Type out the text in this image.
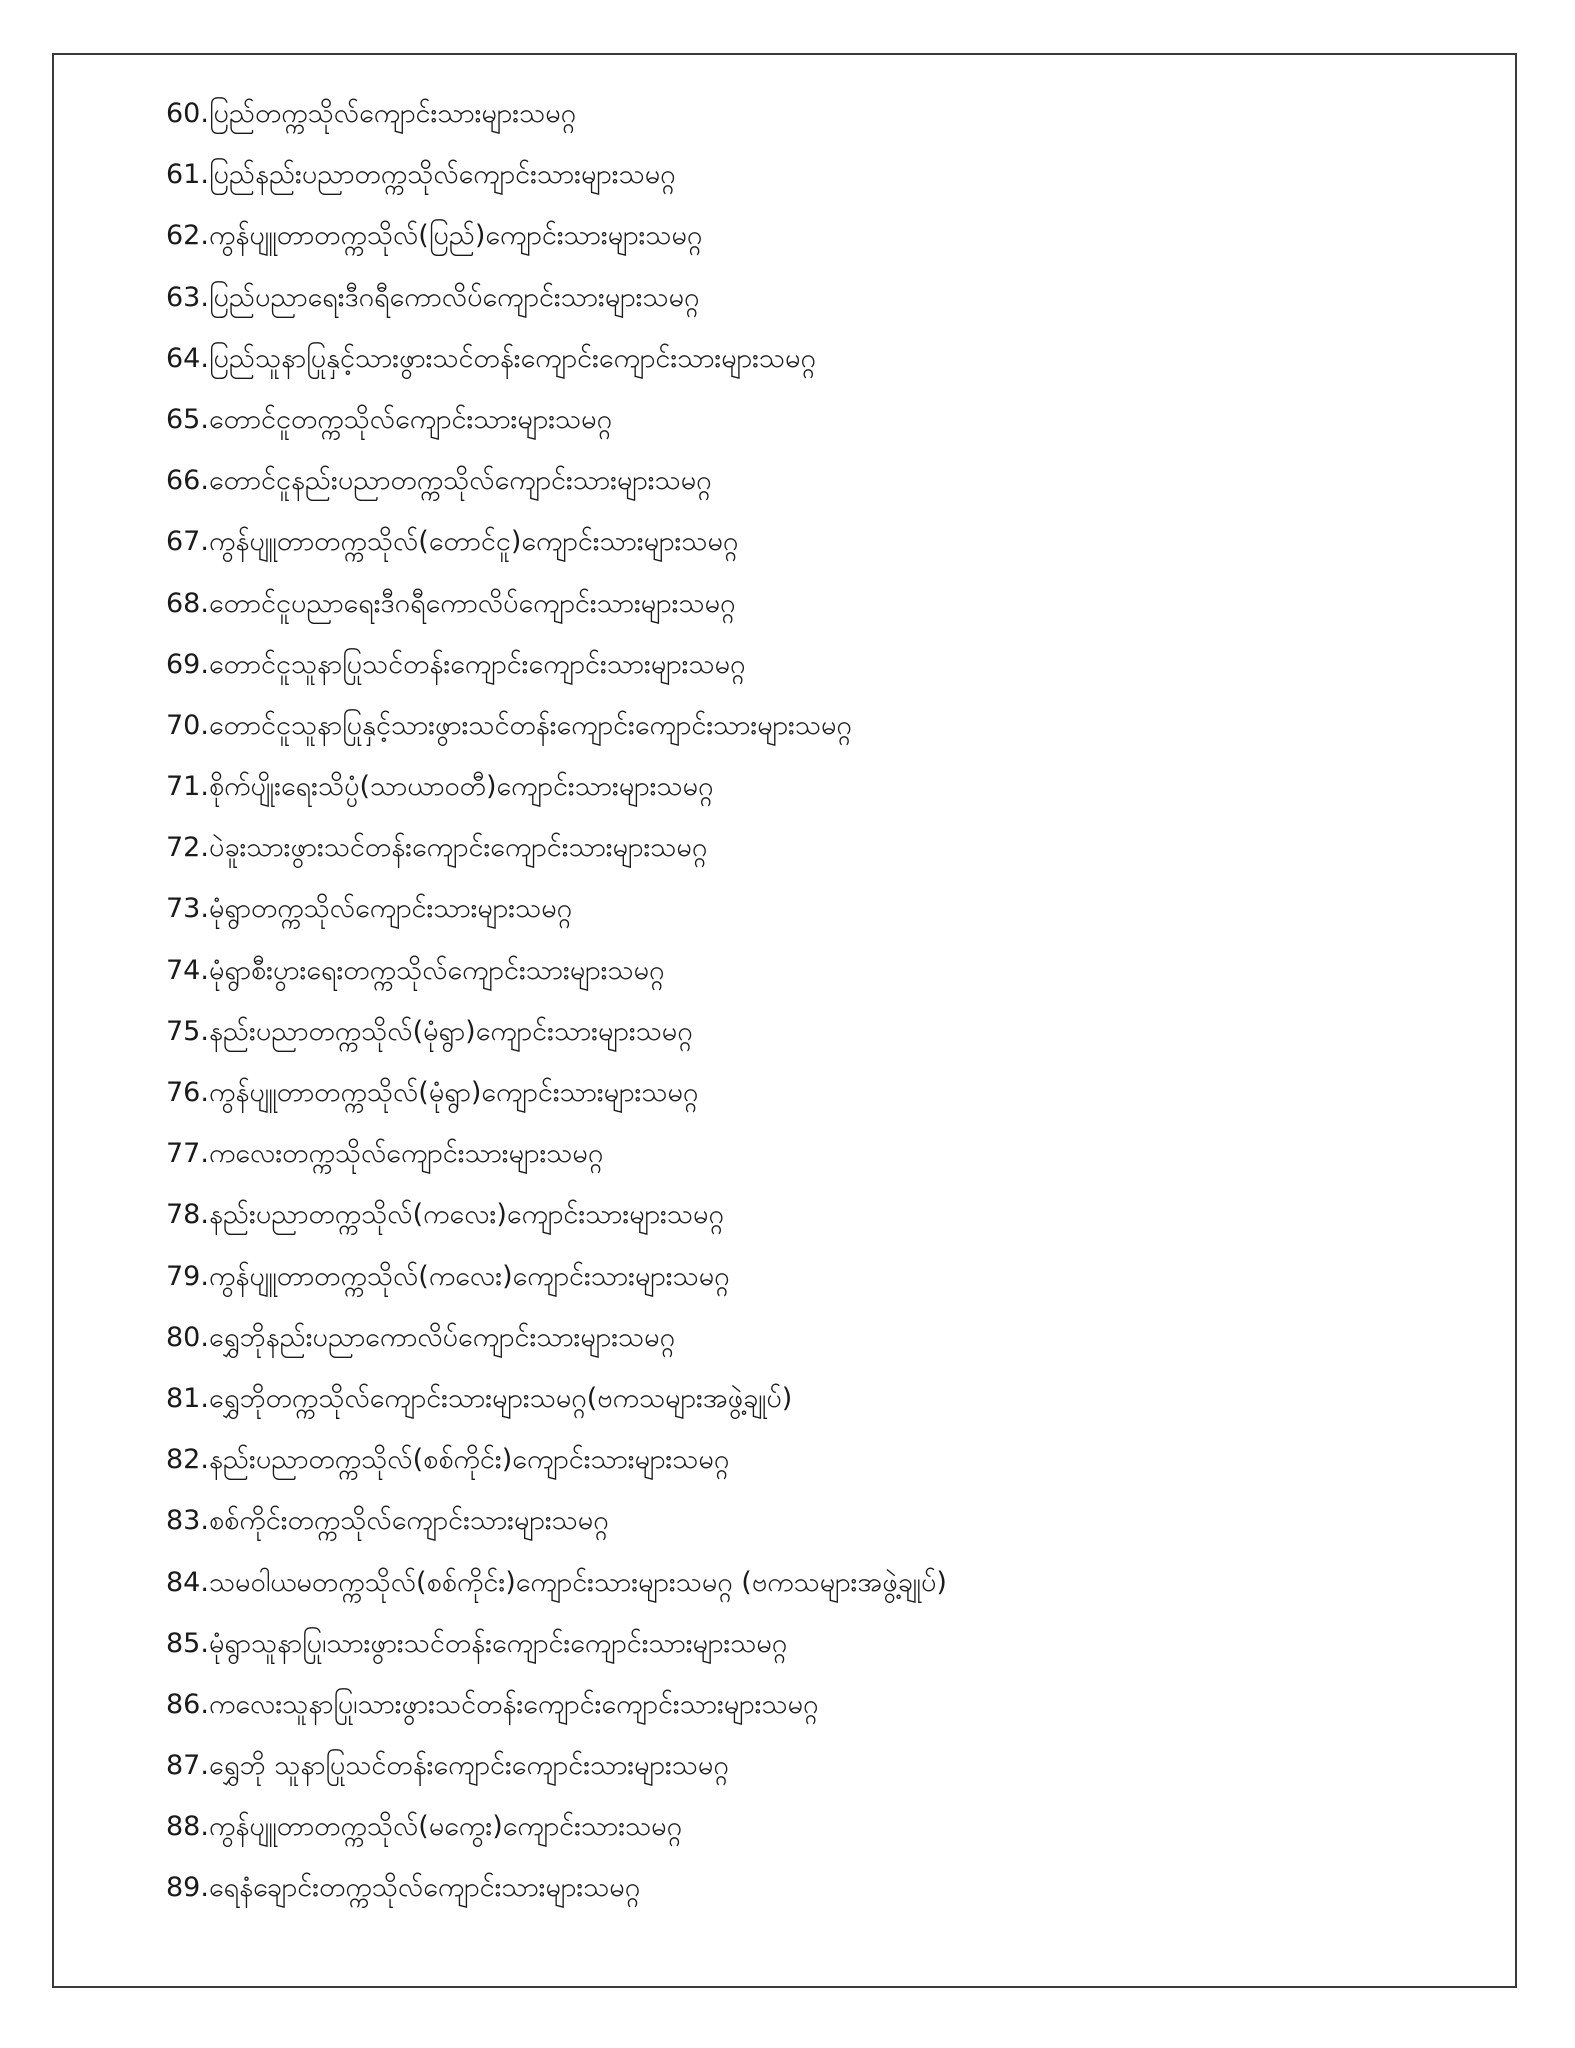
60.ပြည်တက္ကသိုလ်ကျောင်းသားများသမဂ္ဂ
61.ပြည်နည်းပညာတက္ကသိုလ်ကျောင်းသားများသမဂ္ဂ
62.ကွန်ပျူတာတက္ကသိုလ်(ပြည်)ကျောင်းသားများသမဂ္ဂ
63.ပြည်ပညာရေးဒီဂရီကောလိပ်ကျောင်းသားများသမဂ္ဂ
64.ပြည်သူနာပြုနှင့်သားဖွားသင်တန်းကျောင်းကျောင်းသားများသမဂ္ဂ
65.တောင်ငူတက္ကသိုလ်ကျောင်းသားများသမဂ္ဂ
66.တောင်ငူနည်းပညာတက္ကသိုလ်ကျောင်းသားများသမဂ္ဂ
67.ကွန်ပျူတာတက္ကသိုလ်(တောင်ငူ)ကျောင်းသားများသမဂ္ဂ
68.တောင်ငူပညာရေးဒီဂရီကောလိပ်ကျောင်းသားများသမဂ္ဂ
69.တောင်ငူသူနာပြုသင်တန်းကျောင်းကျောင်းသားများသမဂ္ဂ
70.တောင်ငူသူနာပြုနှင့်သားဖွားသင်တန်းကျောင်းကျောင်းသားများသမဂ္ဂ
71.စိုက်ပျိုးရေးသိပ္ပံ(သာယာဝတီ)ကျောင်းသားများသမဂ္ဂ
72.ပဲခူးသားဖွားသင်တန်းကျောင်းကျောင်းသားများသမဂ္ဂ
73.မုံရွာတက္ကသိုလ်ကျောင်းသားများသမဂ္ဂ
74.မုံရွာစီးပွားရေးတက္ကသိုလ်ကျောင်းသားများသမဂ္ဂ
75.နည်းပညာတက္ကသိုလ်(မုံရွာ)ကျောင်းသားများသမဂ္ဂ
76.ကွန်ပျူတာတက္ကသိုလ်(မုံရွာ)ကျောင်းသားများသမဂ္ဂ
77.ကလေးတက္ကသိုလ်ကျောင်းသားများသမဂ္ဂ
78.နည်းပညာတက္ကသိုလ်(ကလေး)ကျောင်းသားများသမဂ္ဂ
79.ကွန်ပျူတာတက္ကသိုလ်(ကလေး)ကျောင်းသားများသမဂ္ဂ
80.ရွှေဘိုနည်းပညာကောလိပ်ကျောင်းသားများသမဂ္ဂ
81.ရွှေဘိုတက္ကသိုလ်ကျောင်းသားများသမဂ္ဂ(ဗကသများအဖွဲ့ချုပ်)
82.နည်းပညာတက္ကသိုလ်(စစ်ကိုင်း)ကျောင်းသားများသမဂ္ဂ
83.စစ်ကိုင်းတက္ကသိုလ်ကျောင်းသားများသမဂ္ဂ
84.သမဝါယမတက္ကသိုလ်(စစ်ကိုင်း)ကျောင်းသားများသမဂ္ဂ (ဗကသများအဖွဲ့ချုပ်)
85.မုံရွာသူနာပြု၊သားဖွားသင်တန်းကျောင်းကျောင်းသားများသမဂ္ဂ
86.ကလေးသူနာပြု၊သားဖွားသင်တန်းကျောင်းကျောင်းသားများသမဂ္ဂ
87.ရွှေဘို သူနာပြုသင်တန်းကျောင်းကျောင်းသားများသမဂ္ဂ
88.ကွန်ပျူတာတက္ကသိုလ်(မကွေး)ကျောင်းသားသမဂ္ဂ
89.ရေနံချောင်းတက္ကသိုလ်ကျောင်းသားများသမဂ္ဂ
